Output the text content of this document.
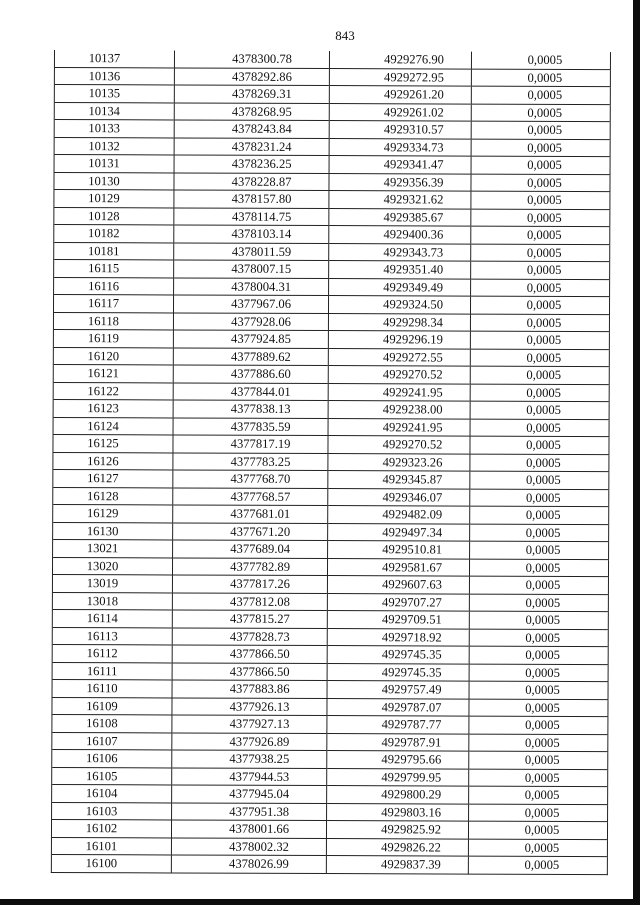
843
10137	4378300.78	4929276.90	0,0005
10136	4378292.86	4929272.95	0,0005
10135	4378269.31	4929261.20	0,0005
10134	4378268.95	4929261.02	0,0005
10133	4378243.84	4929310.57	0,0005
10132	4378231.24	4929334.73	0,0005
10131	4378236.25	4929341.47	0,0005
10130	4378228.87	4929356.39	0,0005
10129	4378157.80	4929321.62	0,0005
10128	4378114.75	4929385.67	0,0005
10182	4378103.14	4929400.36	0,0005
10181	4378011.59	4929343.73	0,0005
16115	4378007.15	4929351.40	0,0005
16116	4378004.31	4929349.49	0,0005
16117	4377967.06	4929324.50	0,0005
16118	4377928.06	4929298.34	0,0005
16119	4377924.85	4929296.19	0,0005
16120	4377889.62	4929272.55	0,0005
16121	4377886.60	4929270.52	0,0005
16122	4377844.01	4929241.95	0,0005
16123	4377838.13	4929238.00	0,0005
16124	4377835.59	4929241.95	0,0005
16125	4377817.19	4929270.52	0,0005
16126	4377783.25	4929323.26	0,0005
16127	4377768.70	4929345.87	0,0005
16128	4377768.57	4929346.07	0,0005
16129	4377681.01	4929482.09	0,0005
16130	4377671.20	4929497.34	0,0005
13021	4377689.04	4929510.81	0,0005
13020	4377782.89	4929581.67	0,0005
13019	4377817.26	4929607.63	0,0005
13018	4377812.08	4929707.27	0,0005
16114	4377815.27	4929709.51	0,0005
16113	4377828.73	4929718.92	0,0005
16112	4377866.50	4929745.35	0,0005
16111	4377866.50	4929745.35	0,0005
16110	4377883.86	4929757.49	0,0005
16109	4377926.13	4929787.07	0,0005
16108	4377927.13	4929787.77	0,0005
16107	4377926.89	4929787.91	0,0005
16106	4377938.25	4929795.66	0,0005
16105	4377944.53	4929799.95	0,0005
16104	4377945.04	4929800.29	0,0005
16103	4377951.38	4929803.16	0,0005
16102	4378001.66	4929825.92	0,0005
16101	4378002.32	4929826.22	0,0005
16100	4378026.99	4929837.39	0,0005
